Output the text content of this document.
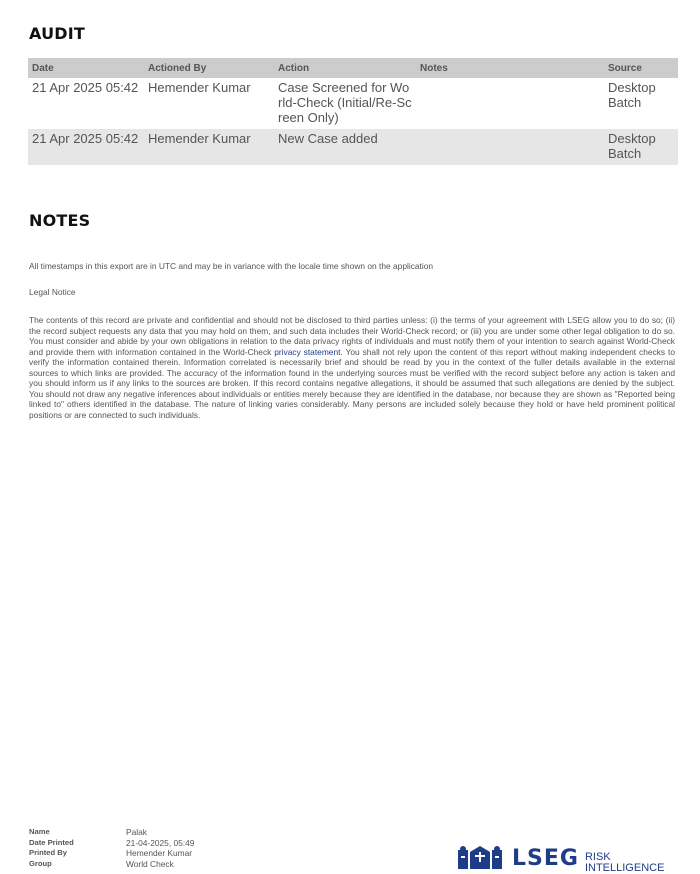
AUDIT
Date	Actioned By	Action	Notes	Source
21 Apr 2025 05:42	Hemender Kumar	Case Screened for World-Check (Initial/Re-Screen Only)		Desktop Batch
21 Apr 2025 05:42	Hemender Kumar	New Case added		Desktop Batch
NOTES
All timestamps in this export are in UTC and may be in variance with the locale time shown on the application
Legal Notice
The contents of this record are private and confidential and should not be disclosed to third parties unless: (i) the terms of your agreement with LSEG allow you to do so; (ii) the record subject requests any data that you may hold on them, and such data includes their World-Check record; or (iii) you are under some other legal obligation to do so. You must consider and abide by your own obligations in relation to the data privacy rights of individuals and must notify them of your intention to search against World-Check and provide them with information contained in the World-Check privacy statement. You shall not rely upon the content of this report without making independent checks to verify the information contained therein. Information correlated is necessarily brief and should be read by you in the context of the fuller details available in the external sources to which links are provided. The accuracy of the information found in the underlying sources must be verified with the record subject before any action is taken and you should inform us if any links to the sources are broken. If this record contains negative allegations, it should be assumed that such allegations are denied by the subject. You should not draw any negative inferences about individuals or entities merely because they are identified in the database, nor because they are shown as "Reported being linked to" others identified in the database. The nature of linking varies considerably. Many persons are included solely because they hold or have held prominent political positions or are connected to such individuals.
Name	Palak
Date Printed	21-04-2025, 05:49
Printed By	Hemender Kumar
Group	World Check	LSEG RISK
INTELLIGENCE
